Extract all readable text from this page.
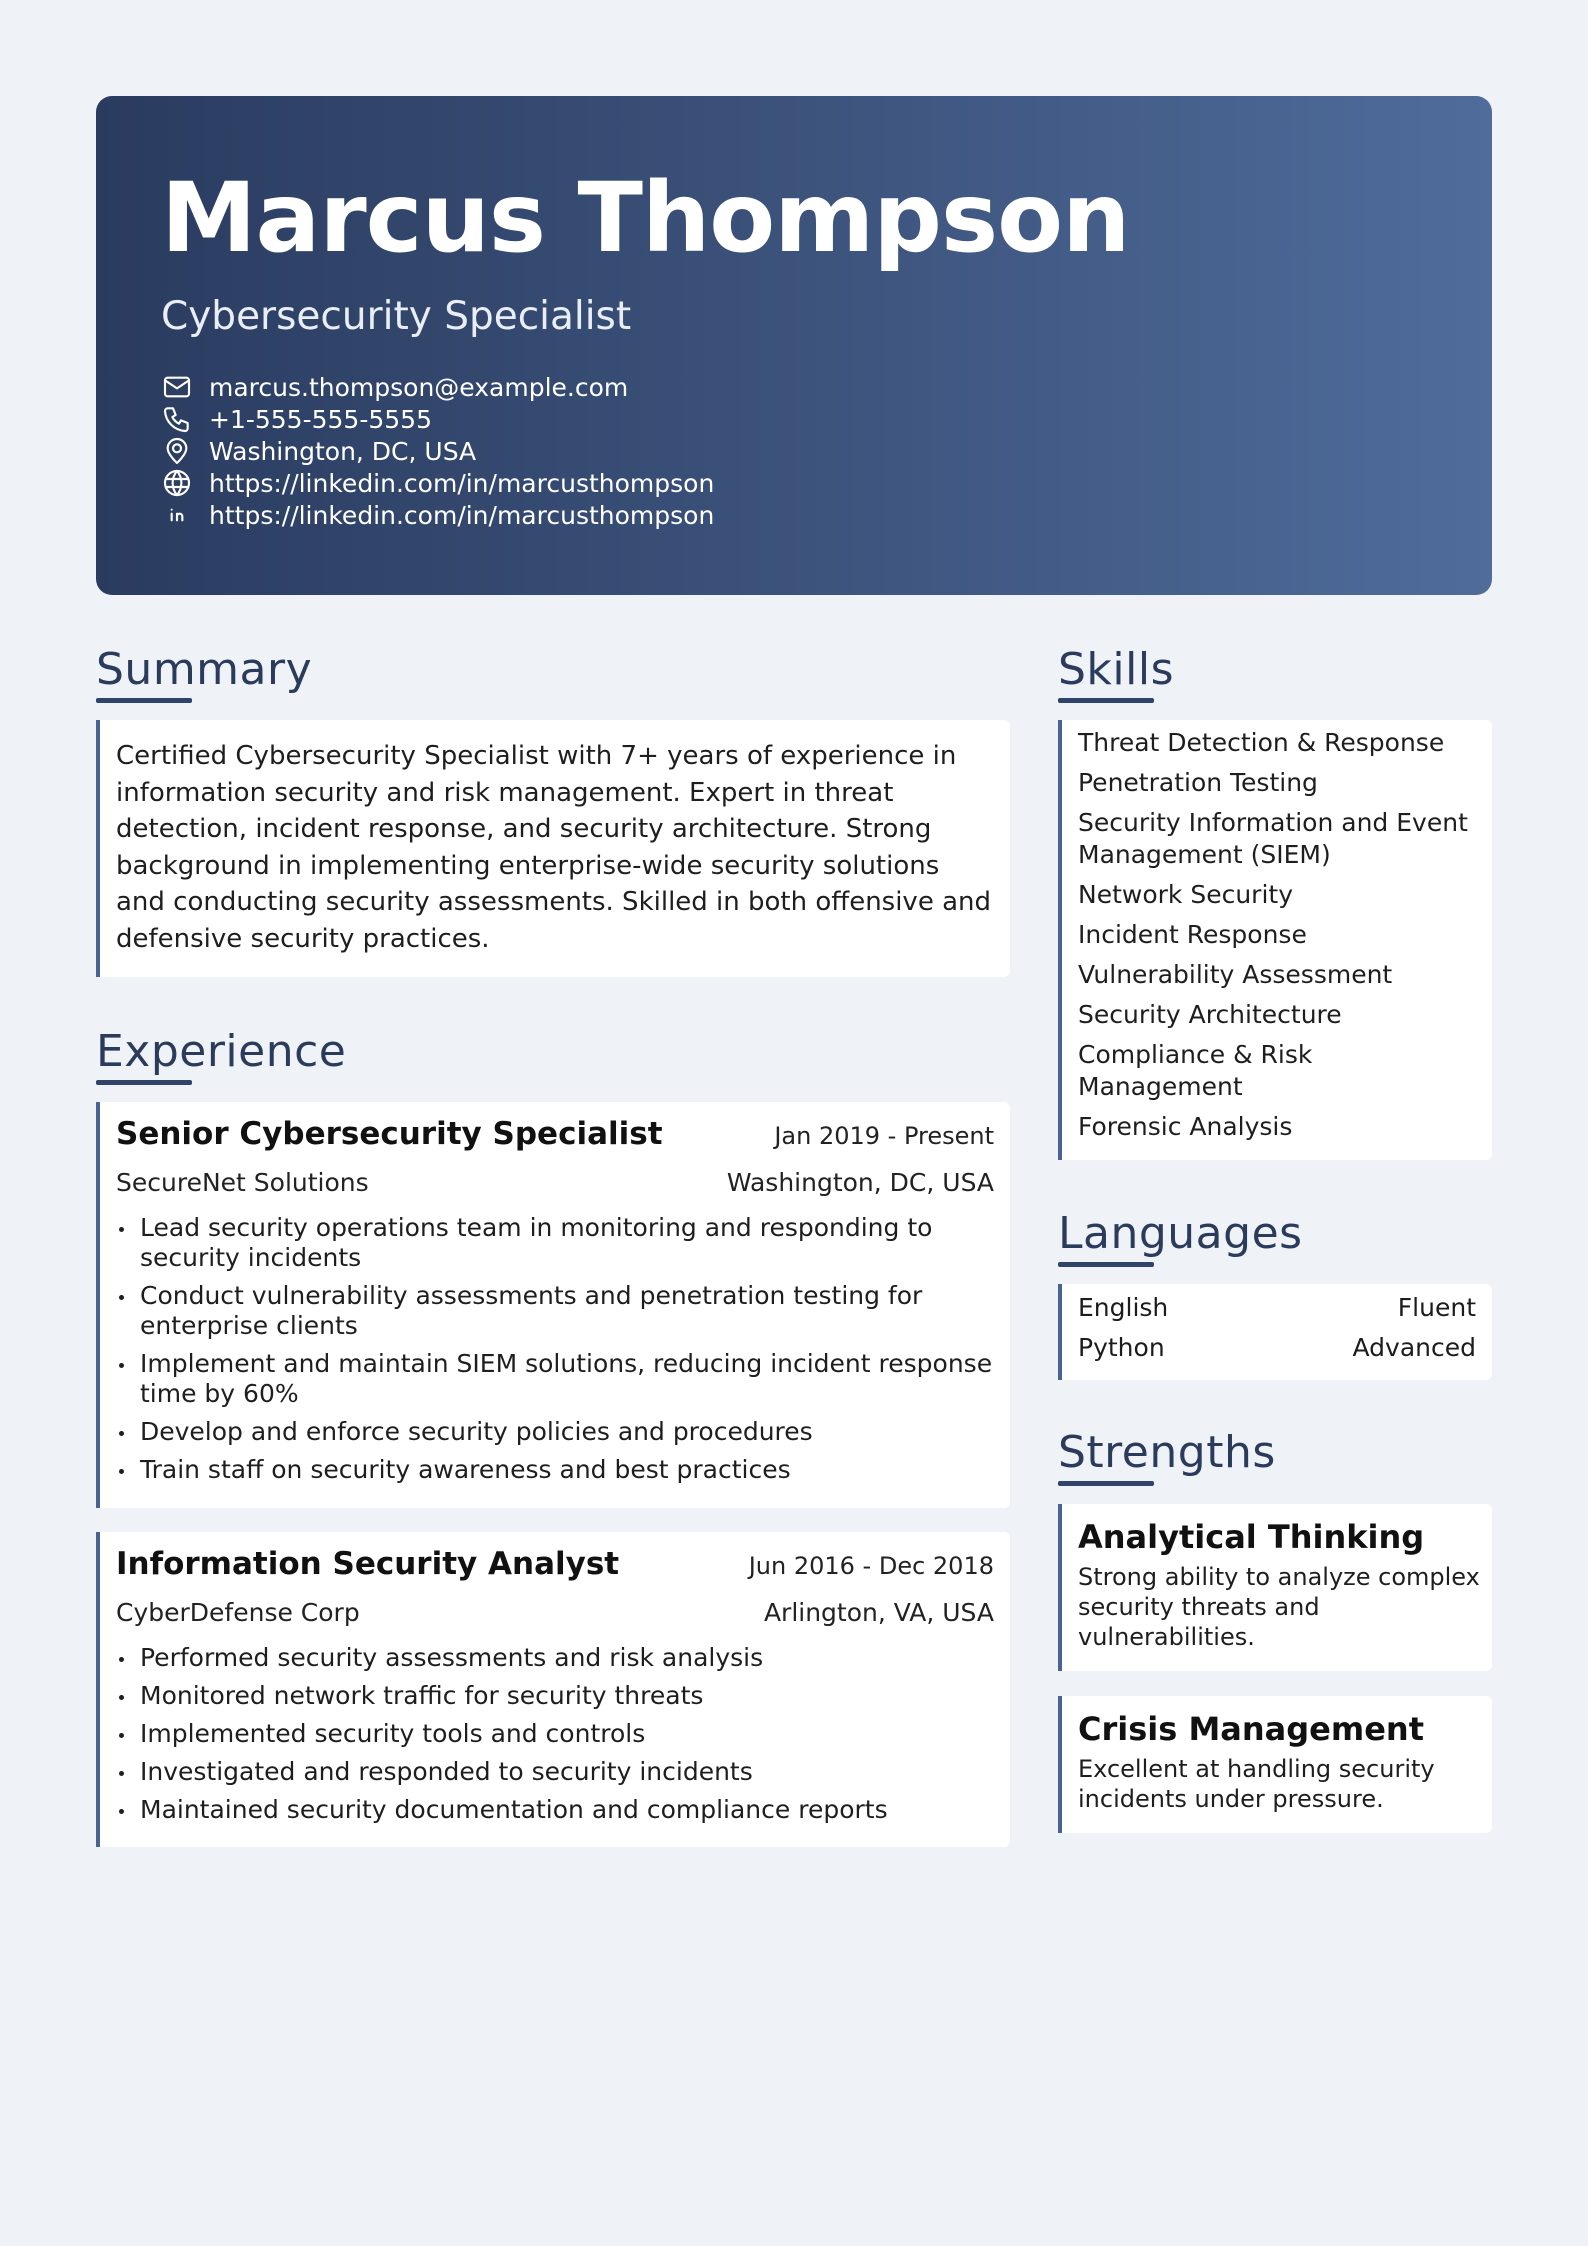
Marcus Thompson
Cybersecurity Specialist
marcus.thompson@example.com
+1-555-555-5555
Washington, DC, USA
https://linkedin.com/in/marcusthompson
https://linkedin.com/in/marcusthompson
Summary

Certified Cybersecurity Specialist with 7+ years of experience in information security and risk management. Expert in threat detection, incident response, and security architecture. Strong background in implementing enterprise-wide security solutions and conducting security assessments. Skilled in both offensive and defensive security practices.

Experience
Senior Cybersecurity Specialist	Jan 2019 - Present
SecureNet Solutions	Washington, DC, USA
Lead security operations team in monitoring and responding to security incidents
Conduct vulnerability assessments and penetration testing for enterprise clients
Implement and maintain SIEM solutions, reducing incident response time by 60%
Develop and enforce security policies and procedures
Train staff on security awareness and best practices
Information Security Analyst	Jun 2016 - Dec 2018
CyberDefense Corp	Arlington, VA, USA
Performed security assessments and risk analysis
Monitored network traffic for security threats
Implemented security tools and controls
Investigated and responded to security incidents
Maintained security documentation and compliance reports
Skills
Threat Detection & Response
Penetration Testing
Security Information and Event Management (SIEM)
Network Security
Incident Response
Vulnerability Assessment
Security Architecture
Compliance & Risk Management
Forensic Analysis
Languages
English	Fluent
Python	Advanced
Strengths
Analytical Thinking
Strong ability to analyze complex security threats and vulnerabilities.
Crisis Management
Excellent at handling security incidents under pressure.
